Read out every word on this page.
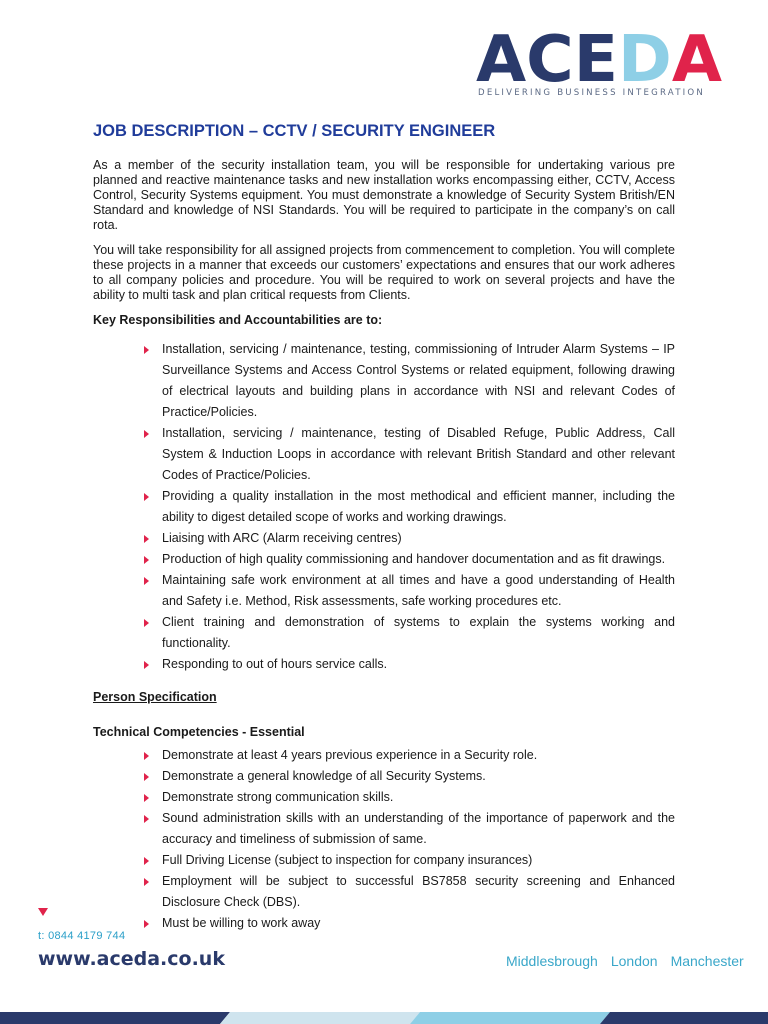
ACEDA
DELIVERING BUSINESS INTEGRATION
JOB DESCRIPTION – CCTV / SECURITY ENGINEER

As a member of the security installation team, you will be responsible for undertaking various pre planned and reactive maintenance tasks and new installation works encompassing either, CCTV, Access Control, Security Systems equipment. You must demonstrate a knowledge of Security System British/EN Standard and knowledge of NSI Standards. You will be required to participate in the company’s on call rota.

You will take responsibility for all assigned projects from commencement to completion. You will complete these projects in a manner that exceeds our customers’ expectations and ensures that our work adheres to all company policies and procedure. You will be required to work on several projects and have the ability to multi task and plan critical requests from Clients.

Key Responsibilities and Accountabilities are to:

Installation, servicing / maintenance, testing, commissioning of Intruder Alarm Systems – IP Surveillance Systems and Access Control Systems or related equipment, following drawing of electrical layouts and building plans in accordance with NSI and relevant Codes of Practice/Policies.
Installation, servicing / maintenance, testing of Disabled Refuge, Public Address, Call System & Induction Loops in accordance with relevant British Standard and other relevant Codes of Practice/Policies.
Providing a quality installation in the most methodical and efficient manner, including the ability to digest detailed scope of works and working drawings.
Liaising with ARC (Alarm receiving centres)
Production of high quality commissioning and handover documentation and as fit drawings.
Maintaining safe work environment at all times and have a good understanding of Health and Safety i.e. Method, Risk assessments, safe working procedures etc.
Client training and demonstration of systems to explain the systems working and functionality.
Responding to out of hours service calls.

Person Specification

Technical Competencies - Essential

Demonstrate at least 4 years previous experience in a Security role.
Demonstrate a general knowledge of all Security Systems.
Demonstrate strong communication skills.
Sound administration skills with an understanding of the importance of paperwork and the accuracy and timeliness of submission of same.
Full Driving License (subject to inspection for company insurances)
Employment will be subject to successful BS7858 security screening and Enhanced Disclosure Check (DBS).
Must be willing to work away

t: 0844 4179 744

www.aceda.co.uk	Middlesbrough London Manchester
